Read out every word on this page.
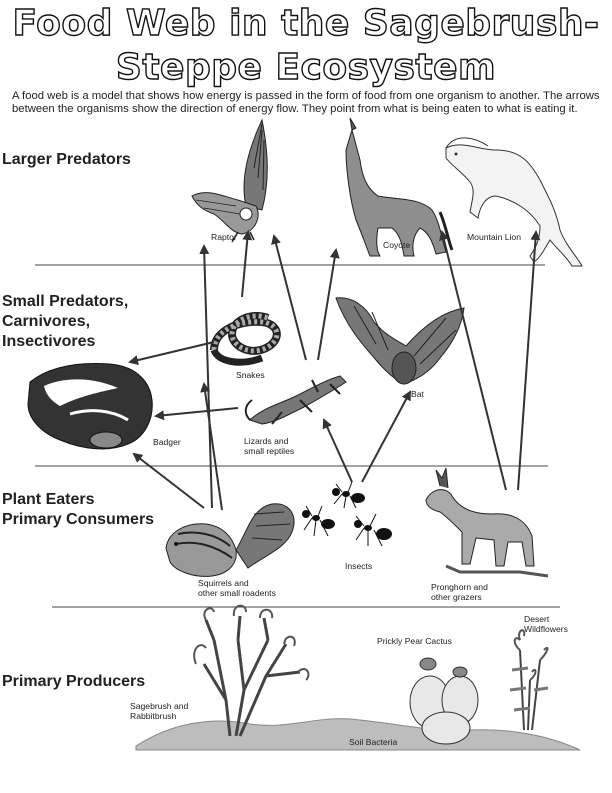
Food Web in the Sagebrush-
Steppe Ecosystem
A food web is a model that shows how energy is passed in the form of food from one organism to another. The arrows between the organisms show the direction of energy flow. They point from what is being eaten to what is eating it.
Larger Predators
Small Predators,
Carnivores,
Insectivores
Plant Eaters
Primary Consumers
Primary Producers
Raptor
Coyote
Mountain Lion
Snakes
Lizards and
small reptiles
Bat
Badger
Squirrels and
other small roadents
Insects
Pronghorn and
other grazers
Sagebrush and
Rabbitbrush
Prickly Pear Cactus
Desert
Wildflowers
Soil Bacteria
